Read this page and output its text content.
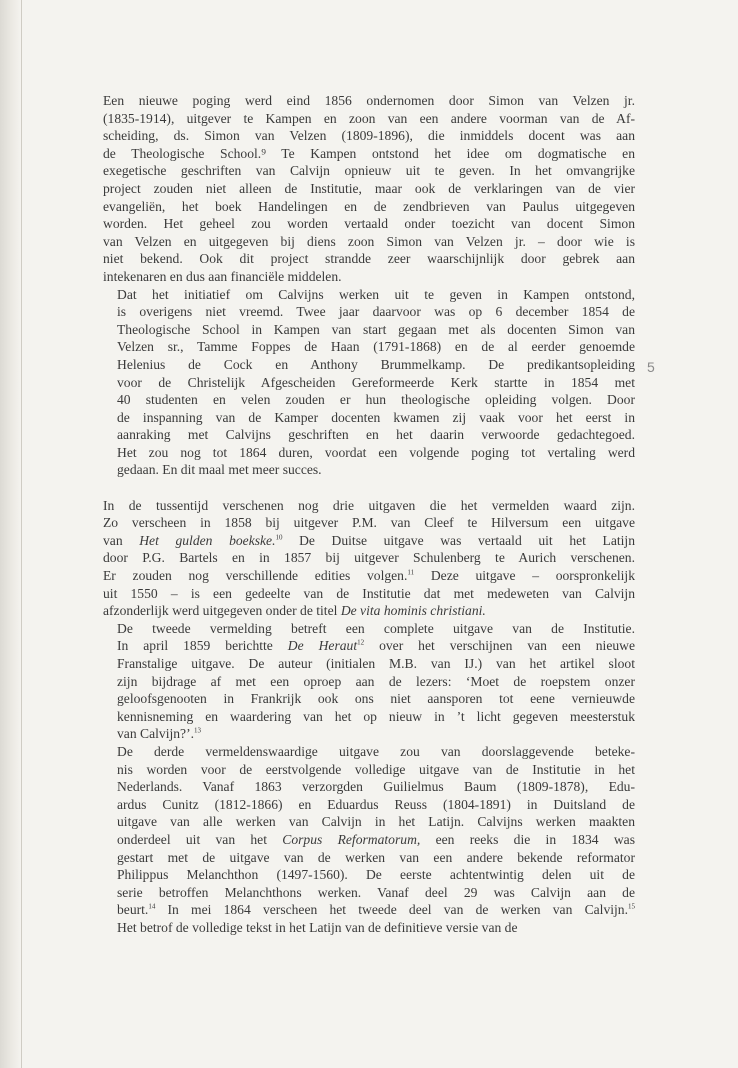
5
Een nieuwe poging werd eind 1856 ondernomen door Simon van Velzen jr.
(1835-1914), uitgever te Kampen en zoon van een andere voorman van de Af-
scheiding, ds. Simon van Velzen (1809-1896), die inmiddels docent was aan
de Theologische School.⁹ Te Kampen ontstond het idee om dogmatische en
exegetische geschriften van Calvijn opnieuw uit te geven. In het omvangrijke
project zouden niet alleen de Institutie, maar ook de verklaringen van de vier
evangeliën, het boek Handelingen en de zendbrieven van Paulus uitgegeven
worden. Het geheel zou worden vertaald onder toezicht van docent Simon
van Velzen en uitgegeven bij diens zoon Simon van Velzen jr. – door wie is
niet bekend. Ook dit project strandde zeer waarschijnlijk door gebrek aan
intekenaren en dus aan financiële middelen.
Dat het initiatief om Calvijns werken uit te geven in Kampen ontstond,
is overigens niet vreemd. Twee jaar daarvoor was op 6 december 1854 de
Theologische School in Kampen van start gegaan met als docenten Simon van
Velzen sr., Tamme Foppes de Haan (1791-1868) en de al eerder genoemde
Helenius de Cock en Anthony Brummelkamp. De predikantsopleiding
voor de Christelijk Afgescheiden Gereformeerde Kerk startte in 1854 met
40 studenten en velen zouden er hun theologische opleiding volgen. Door
de inspanning van de Kamper docenten kwamen zij vaak voor het eerst in
aanraking met Calvijns geschriften en het daarin verwoorde gedachtegoed.
Het zou nog tot 1864 duren, voordat een volgende poging tot vertaling werd
gedaan. En dit maal met meer succes.
In de tussentijd verschenen nog drie uitgaven die het vermelden waard zijn.
Zo verscheen in 1858 bij uitgever P.M. van Cleef te Hilversum een uitgave
van Het gulden boekske.$^{10}$ De Duitse uitgave was vertaald uit het Latijn
door P.G. Bartels en in 1857 bij uitgever Schulenberg te Aurich verschenen.
Er zouden nog verschillende edities volgen.$^{11}$ Deze uitgave – oorspronkelijk
uit 1550 – is een gedeelte van de Institutie dat met medeweten van Calvijn
afzonderlijk werd uitgegeven onder de titel De vita hominis christiani.
De tweede vermelding betreft een complete uitgave van de Institutie.
In april 1859 berichtte De Heraut$^{12}$ over het verschijnen van een nieuwe
Franstalige uitgave. De auteur (initialen M.B. van IJ.) van het artikel sloot
zijn bijdrage af met een oproep aan de lezers: ‘Moet de roepstem onzer
geloofsgenooten in Frankrijk ook ons niet aansporen tot eene vernieuwde
kennisneming en waardering van het op nieuw in ’t licht gegeven meesterstuk
van Calvijn?’.$^{13}$
De derde vermeldenswaardige uitgave zou van doorslaggevende beteke-
nis worden voor de eerstvolgende volledige uitgave van de Institutie in het
Nederlands. Vanaf 1863 verzorgden Guilielmus Baum (1809-1878), Edu-
ardus Cunitz (1812-1866) en Eduardus Reuss (1804-1891) in Duitsland de
uitgave van alle werken van Calvijn in het Latijn. Calvijns werken maakten
onderdeel uit van het Corpus Reformatorum, een reeks die in 1834 was
gestart met de uitgave van de werken van een andere bekende reformator
Philippus Melanchthon (1497-1560). De eerste achtentwintig delen uit de
serie betroffen Melanchthons werken. Vanaf deel 29 was Calvijn aan de
beurt.$^{14}$ In mei 1864 verscheen het tweede deel van de werken van Calvijn.$^{15}$
Het betrof de volledige tekst in het Latijn van de definitieve versie van de
